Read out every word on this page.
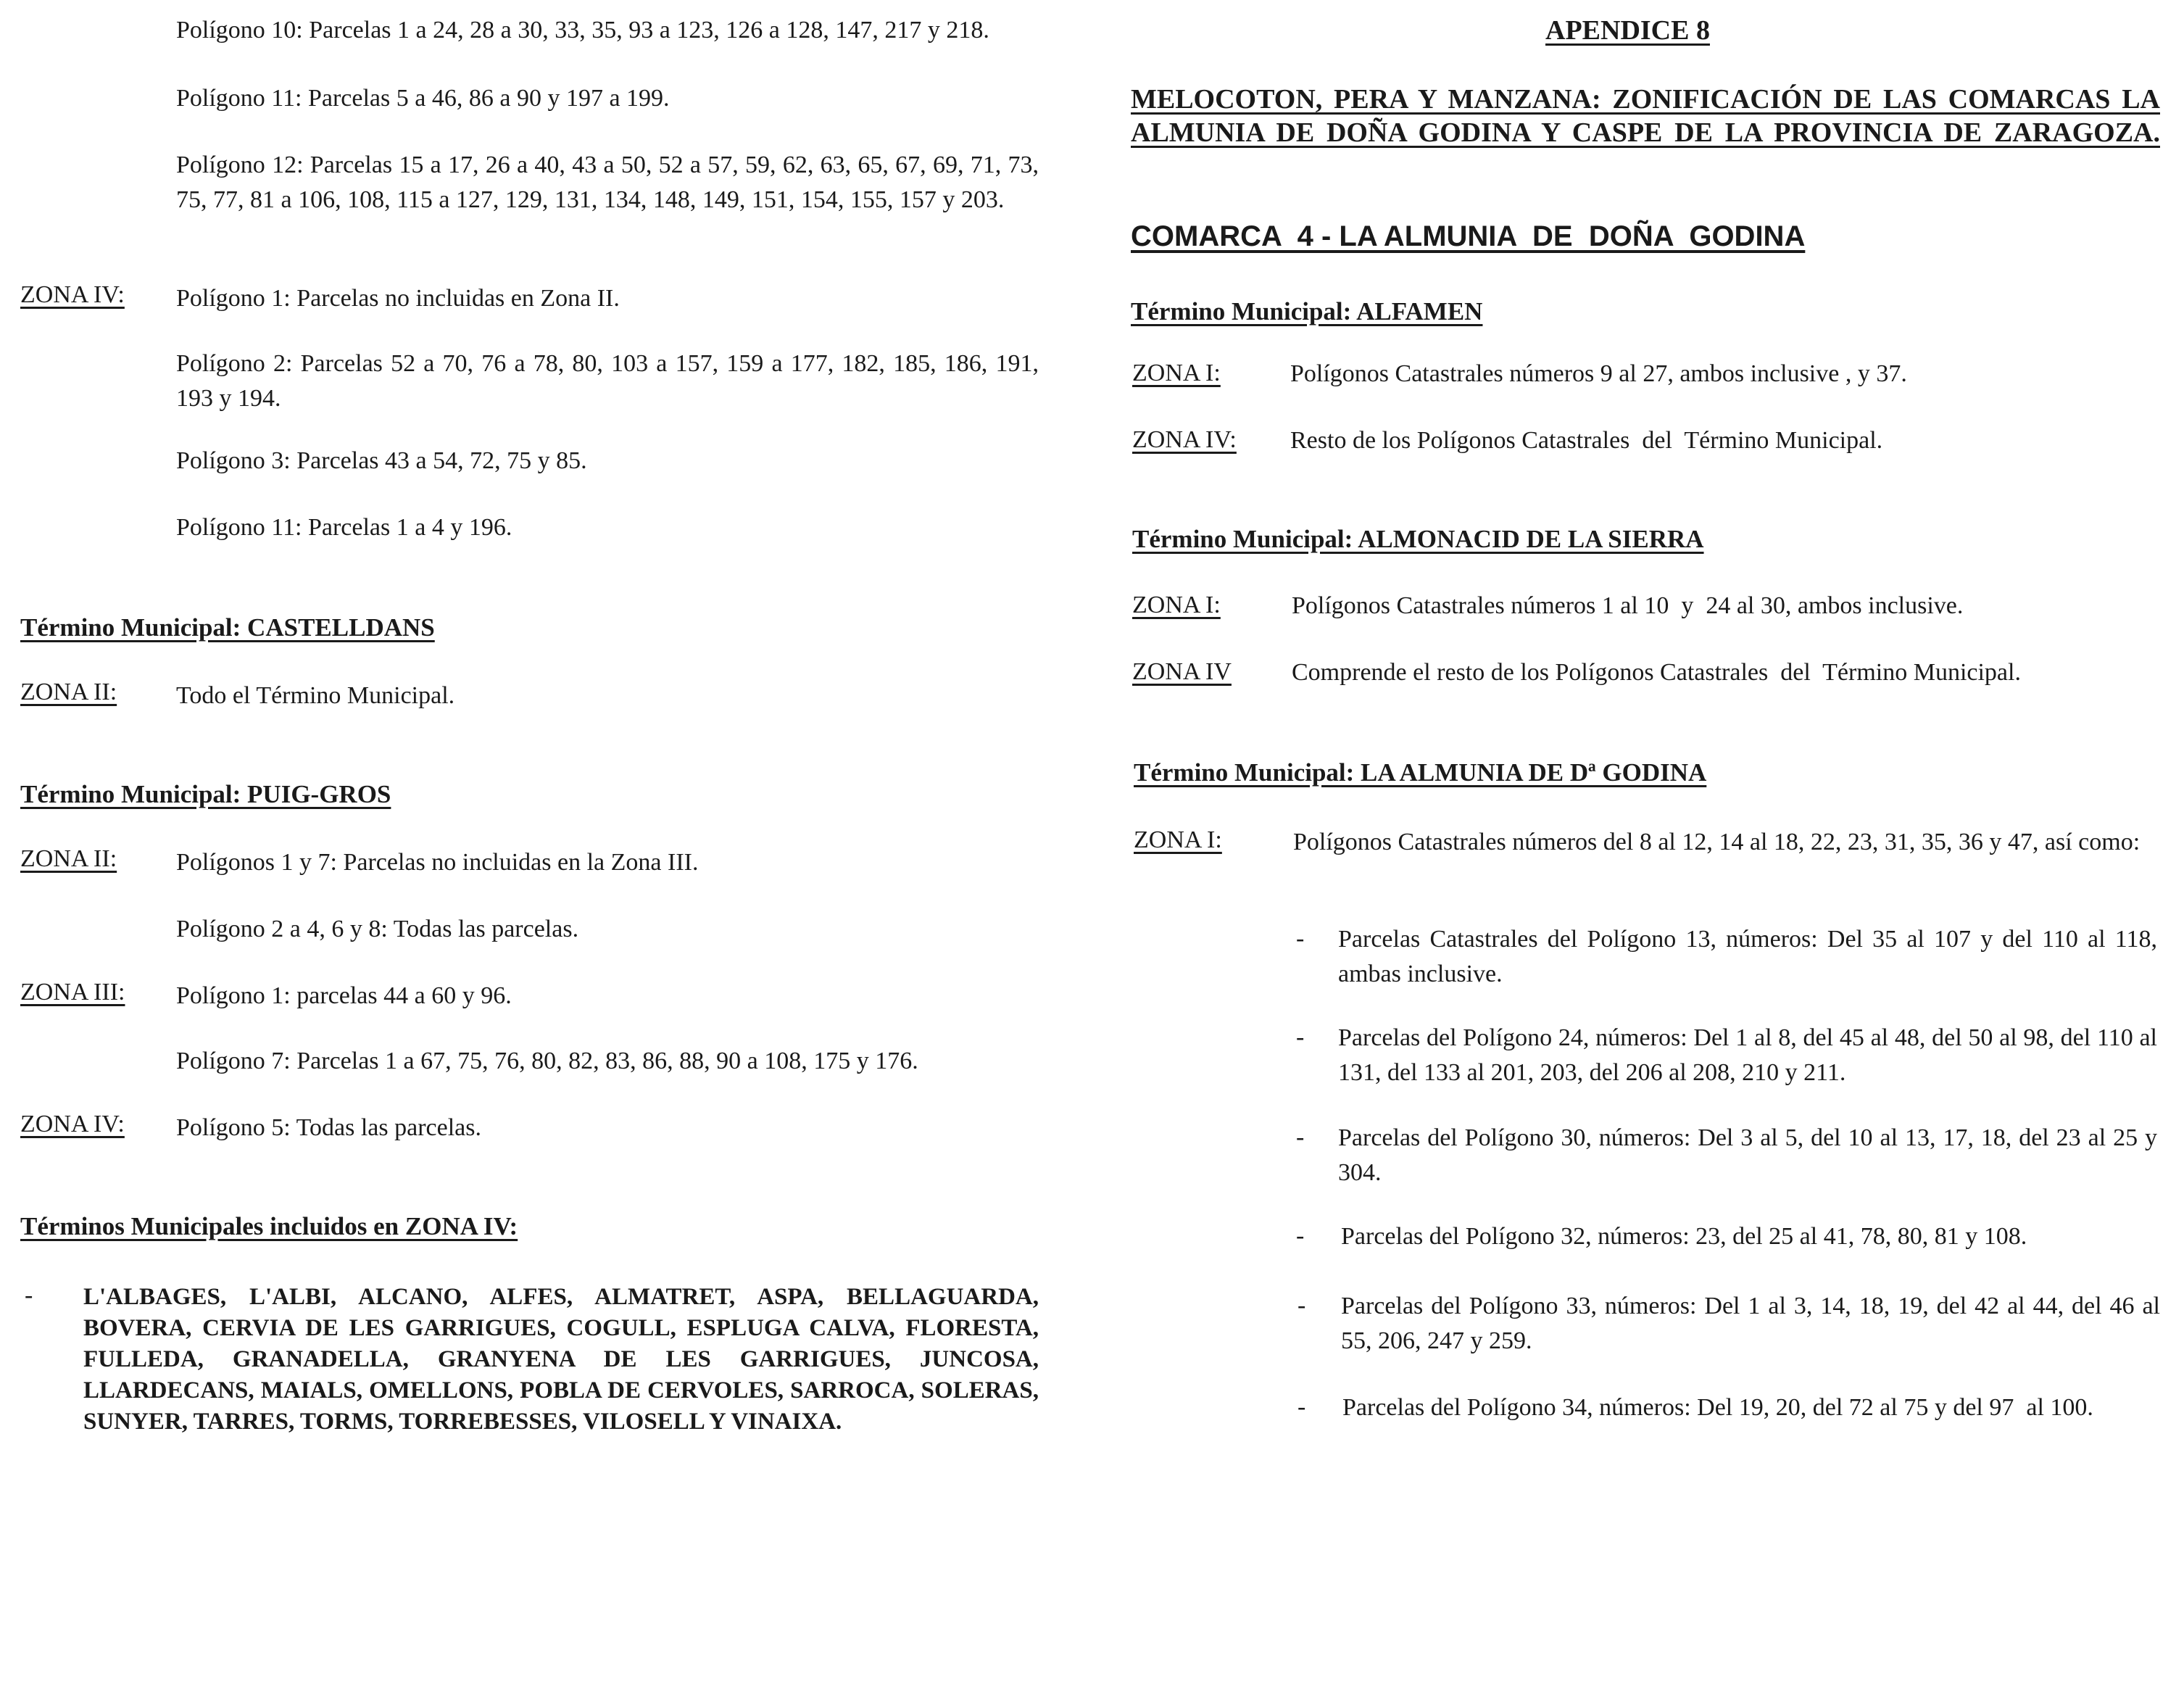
Polígono 10: Parcelas 1 a 24, 28 a 30, 33, 35, 93 a 123, 126 a 128, 147, 217 y 218.
Polígono 11: Parcelas 5 a 46, 86 a 90 y 197 a 199.
Polígono 12: Parcelas 15 a 17, 26 a 40, 43 a 50, 52 a 57, 59, 62, 63, 65, 67, 69, 71, 73, 75, 77, 81 a 106, 108, 115 a 127, 129, 131, 134, 148, 149, 151, 154, 155, 157 y 203.
ZONA IV: Polígono 1: Parcelas no incluidas en Zona II.
Polígono 2: Parcelas 52 a 70, 76 a 78, 80, 103 a 157, 159 a 177, 182, 185, 186, 191, 193 y 194.
Polígono 3: Parcelas 43 a 54, 72, 75 y 85.
Polígono 11: Parcelas 1 a 4 y 196.
Término Municipal: CASTELLDANS
ZONA II: Todo el Término Municipal.
Término Municipal: PUIG-GROS
ZONA II: Polígonos 1 y 7: Parcelas no incluidas en la Zona III.
Polígono 2 a 4, 6 y 8: Todas las parcelas.
ZONA III: Polígono 1: parcelas 44 a 60 y 96.
Polígono 7: Parcelas 1 a 67, 75, 76, 80, 82, 83, 86, 88, 90 a 108, 175 y 176.
ZONA IV: Polígono 5: Todas las parcelas.
Términos Municipales incluidos en ZONA IV:
- L'ALBAGES, L'ALBI, ALCANO, ALFES, ALMATRET, ASPA, BELLAGUARDA, BOVERA, CERVIA DE LES GARRIGUES, COGULL, ESPLUGA CALVA, FLORESTA, FULLEDA, GRANADELLA, GRANYENA DE LES GARRIGUES, JUNCOSA, LLARDECANS, MAIALS, OMELLONS, POBLA DE CERVOLES, SARROCA, SOLERAS, SUNYER, TARRES, TORMS, TORREBESSES, VILOSELL Y VINAIXA.
APENDICE 8
MELOCOTON, PERA Y MANZANA: ZONIFICACIÓN DE LAS COMARCAS LA ALMUNIA DE DOÑA GODINA Y CASPE DE LA PROVINCIA DE ZARAGOZA.
COMARCA  4 - LA ALMUNIA  DE  DOÑA  GODINA
Término Municipal: ALFAMEN
ZONA I:	Polígonos Catastrales números 9 al 27, ambos inclusive , y 37.
ZONA IV: Resto de los Polígonos Catastrales  del  Término Municipal.
Término Municipal: ALMONACID DE LA SIERRA
ZONA I:	Polígonos Catastrales números 1 al 10  y  24 al 30, ambos inclusive.
ZONA IV Comprende el resto de los Polígonos Catastrales  del  Término Municipal.
Término Municipal: LA ALMUNIA DE Dª GODINA
ZONA I:	Polígonos Catastrales números del 8 al 12, 14 al 18, 22, 23, 31, 35, 36 y 47, así como:
- Parcelas Catastrales del Polígono 13, números: Del 35 al 107 y del 110 al 118, ambas inclusive.
- Parcelas del Polígono 24, números: Del 1 al 8, del 45 al 48, del 50 al 98, del 110 al 131, del 133 al 201, 203, del 206 al 208, 210 y 211.
- Parcelas del Polígono 30, números: Del 3 al 5, del 10 al 13, 17, 18, del 23 al 25 y 304.
- Parcelas del Polígono 32, números: 23, del 25 al 41, 78, 80, 81 y 108.
- Parcelas del Polígono 33, números: Del 1 al 3, 14, 18, 19, del 42 al 44, del 46 al 55, 206, 247 y 259.
- Parcelas del Polígono 34, números: Del 19, 20, del 72 al 75 y del 97  al 100.
